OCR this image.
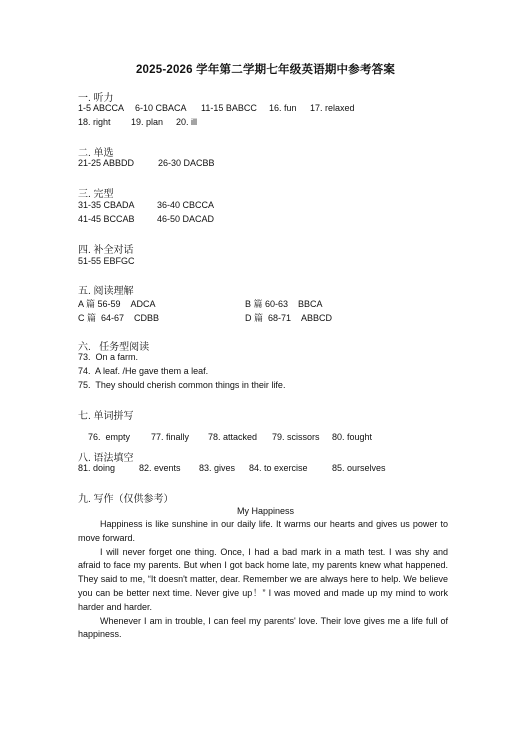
2025-2026 学年第二学期七年级英语期中参考答案
一. 听力
1-5 ABCCA 6-10 CBACA 11-15 BABCC 16. fun 17. relaxed
18. right 19. plan 20. ill
二. 单选
21-25 ABBDD	26-30 DACBB
三. 完型
31-35 CBADA 36-40 CBCCA
41-45 BCCAB 46-50 DACAD
四. 补全对话
51-55 EBFGC
五. 阅读理解
A 篇 56-59    ADCA	B 篇 60-63    BBCA
C 篇  64-67    CDBB	D 篇  68-71    ABBCD
六.   任务型阅读
73.  On a farm.
74.  A leaf. /He gave them a leaf.
75.  They should cherish common things in their life.
七. 单词拼写

76.  empty 77. finally 78. attacked 79. scissors 80. fought

八. 语法填空
81. doing	82. events 83. gives 84. to exercise	85. ourselves
九. 写作（仅供参考）
My Happiness

Happiness is like sunshine in our daily life. It warms our hearts and gives us power to move forward.

I will never forget one thing. Once, I had a bad mark in a math test. I was shy and afraid to face my parents. But when I got back home late, my parents knew what happened. They said to me, “It doesn't matter, dear. Remember we are always here to help. We believe you can be better next time. Never give up！” I was moved and made up my mind to work harder and harder.

Whenever I am in trouble, I can feel my parents' love. Their love gives me a life full of happiness.
